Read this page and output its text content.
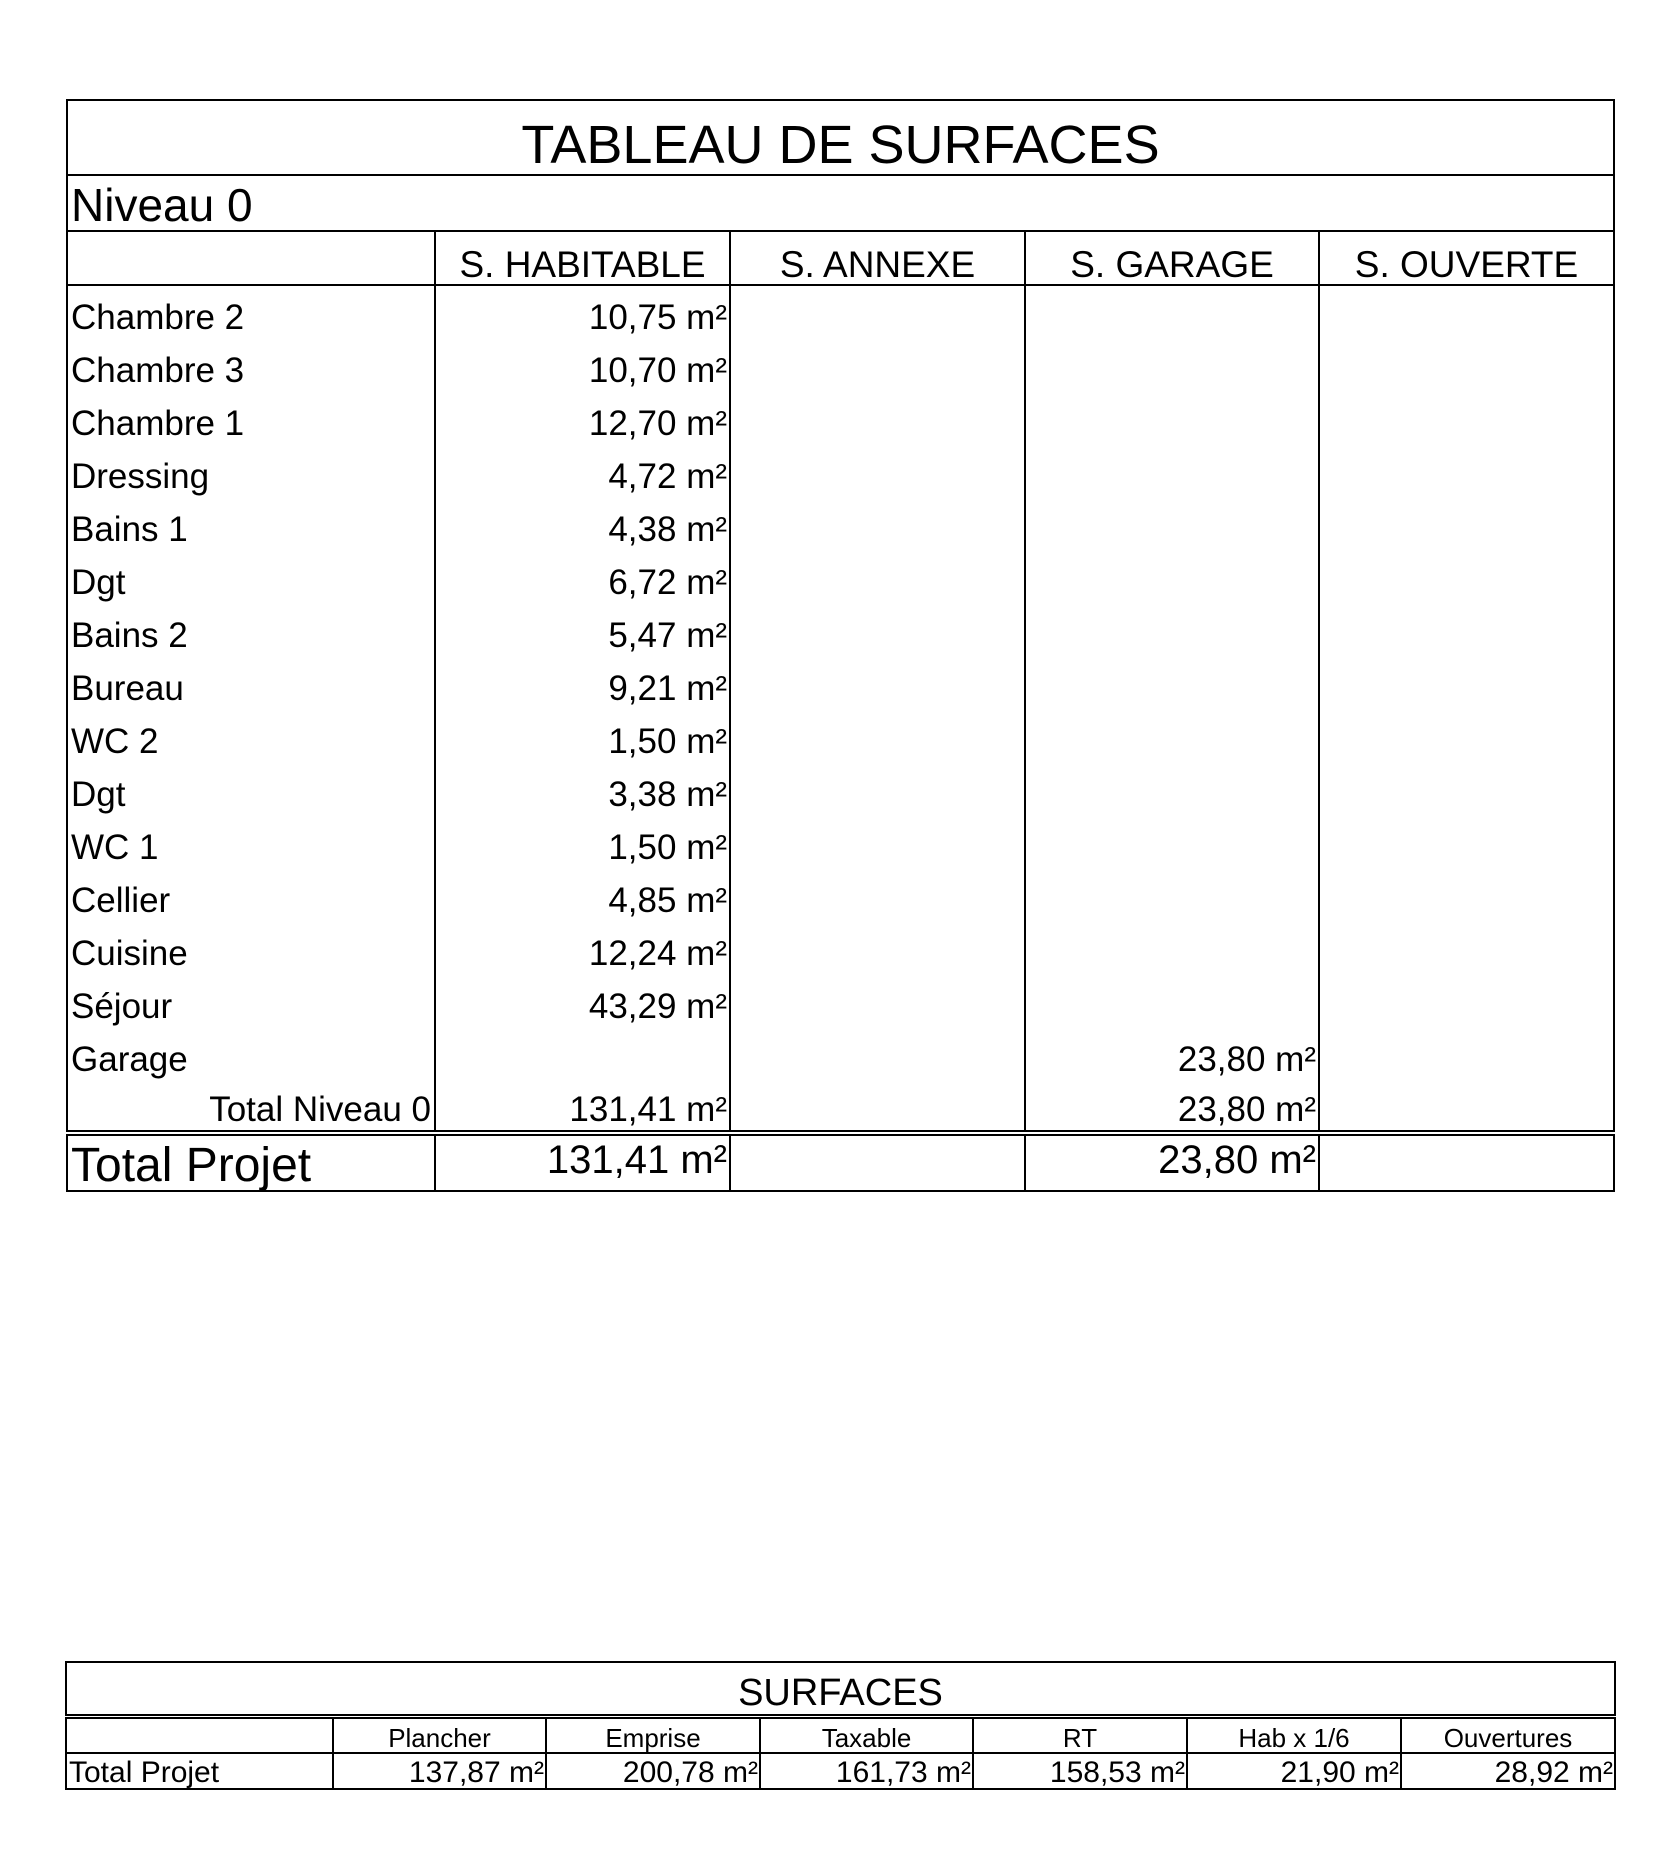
TABLEAU DE SURFACES				
Niveau 0				
	S. HABITABLE	S. ANNEXE	S. GARAGE	S. OUVERTE
Chambre 2	10,75 m²			
Chambre 3	10,70 m²			
Chambre 1	12,70 m²			
Dressing	4,72 m²			
Bains 1	4,38 m²			
Dgt	6,72 m²			
Bains 2	5,47 m²			
Bureau	9,21 m²			
WC 2	1,50 m²			
Dgt	3,38 m²			
WC 1	1,50 m²			
Cellier	4,85 m²			
Cuisine	12,24 m²			
Séjour	43,29 m²			
Garage			23,80 m²	
Total Niveau 0	131,41 m²		23,80 m²	
Total Projet	131,41 m²		23,80 m²	
SURFACES						
	Plancher	Emprise	Taxable	RT	Hab x 1/6	Ouvertures
Total Projet	137,87 m²	200,78 m²	161,73 m²	158,53 m²	21,90 m²	28,92 m²
